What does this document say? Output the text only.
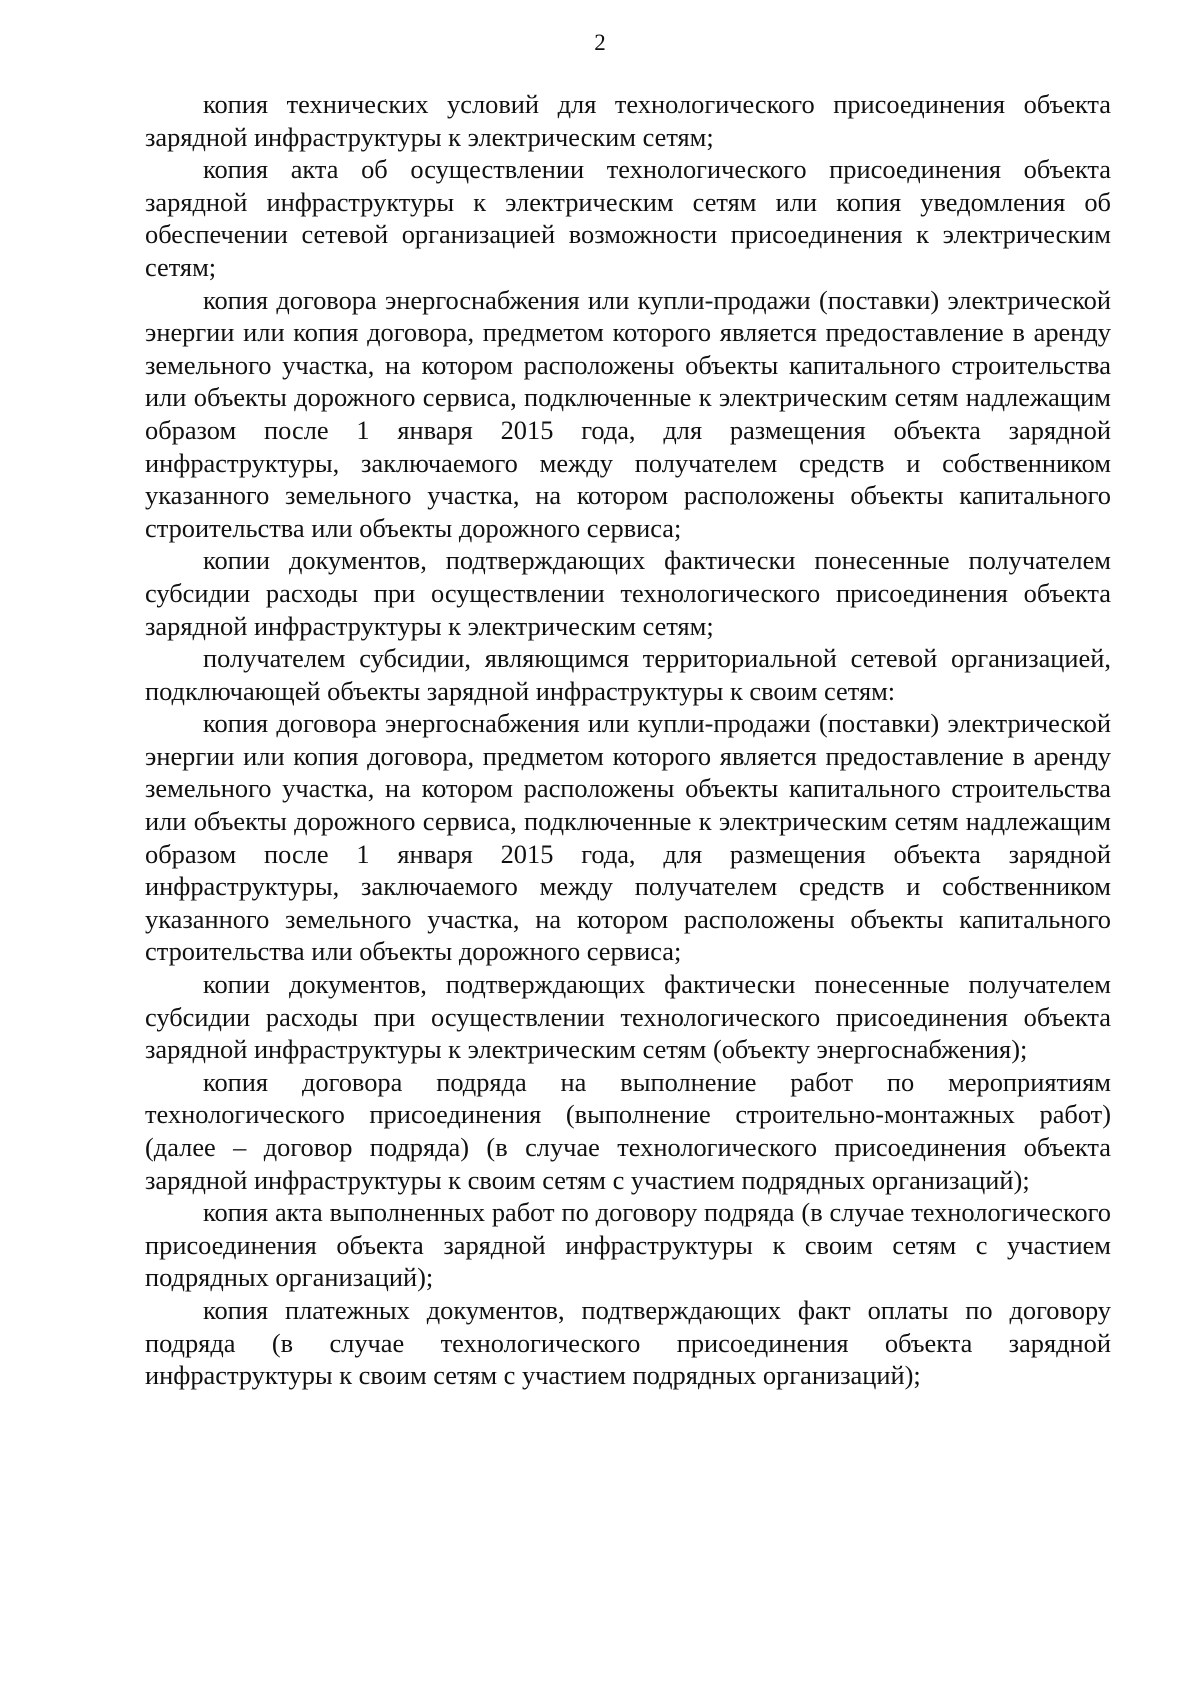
2

копия технических условий для технологического присоединения объекта зарядной инфраструктуры к электрическим сетям;

копия акта об осуществлении технологического присоединения объекта зарядной инфраструктуры к электрическим сетям или копия уведомления об обеспечении сетевой организацией возможности присоединения к электрическим сетям;

копия договора энергоснабжения или купли-продажи (поставки) электрической энергии или копия договора, предметом которого является предоставление в аренду земельного участка, на котором расположены объекты капитального строительства или объекты дорожного сервиса, подключенные к электрическим сетям надлежащим образом после 1 января 2015 года, для размещения объекта зарядной инфраструктуры, заключаемого между получателем средств и собственником указанного земельного участка, на котором расположены объекты капитального строительства или объекты дорожного сервиса;

копии документов, подтверждающих фактически понесенные получателем субсидии расходы при осуществлении технологического присоединения объекта зарядной инфраструктуры к электрическим сетям;

получателем субсидии, являющимся территориальной сетевой организацией, подключающей объекты зарядной инфраструктуры к своим сетям:

копия договора энергоснабжения или купли-продажи (поставки) электрической энергии или копия договора, предметом которого является предоставление в аренду земельного участка, на котором расположены объекты капитального строительства или объекты дорожного сервиса, подключенные к электрическим сетям надлежащим образом после 1 января 2015 года, для размещения объекта зарядной инфраструктуры, заключаемого между получателем средств и собственником указанного земельного участка, на котором расположены объекты капитального строительства или объекты дорожного сервиса;

копии документов, подтверждающих фактически понесенные получателем субсидии расходы при осуществлении технологического присоединения объекта зарядной инфраструктуры к электрическим сетям (объекту энергоснабжения);

копия договора подряда на выполнение работ по мероприятиям технологического присоединения (выполнение строительно-монтажных работ) (далее – договор подряда) (в случае технологического присоединения объекта зарядной инфраструктуры к своим сетям с участием подрядных организаций);

копия акта выполненных работ по договору подряда (в случае технологического присоединения объекта зарядной инфраструктуры к своим сетям с участием подрядных организаций);

копия платежных документов, подтверждающих факт оплаты по договору подряда (в случае технологического присоединения объекта зарядной инфраструктуры к своим сетям с участием подрядных организаций);
